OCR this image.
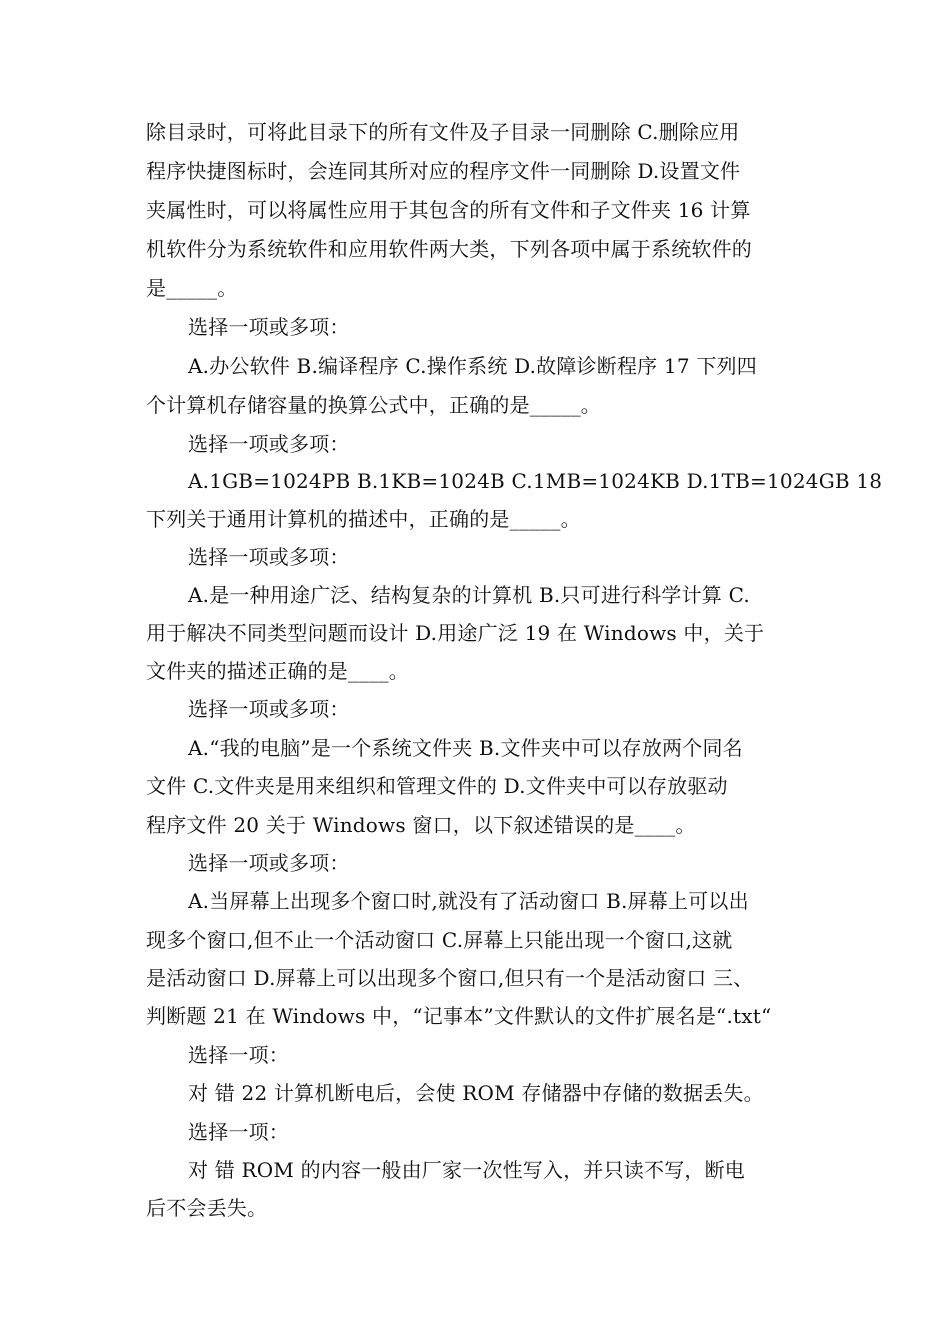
除目录时，可将此目录下的所有文件及子目录一同删除 C.删除应用
程序快捷图标时，会连同其所对应的程序文件一同删除 D.设置文件
夹属性时，可以将属性应用于其包含的所有文件和子文件夹 16 计算
机软件分为系统软件和应用软件两大类，下列各项中属于系统软件的
是_____。
选择一项或多项：
A.办公软件 B.编译程序 C.操作系统 D.故障诊断程序 17 下列四
个计算机存储容量的换算公式中，正确的是_____。
选择一项或多项：
A.1GB=1024PB B.1KB=1024B C.1MB=1024KB D.1TB=1024GB 18
下列关于通用计算机的描述中，正确的是_____。
选择一项或多项：
A.是一种用途广泛、结构复杂的计算机 B.只可进行科学计算 C.
用于解决不同类型问题而设计 D.用途广泛 19 在 Windows 中，关于
文件夹的描述正确的是____。
选择一项或多项：
A.“我的电脑”是一个系统文件夹 B.文件夹中可以存放两个同名
文件 C.文件夹是用来组织和管理文件的 D.文件夹中可以存放驱动
程序文件 20 关于 Windows 窗口，以下叙述错误的是____。
选择一项或多项：
A.当屏幕上出现多个窗口时,就没有了活动窗口 B.屏幕上可以出
现多个窗口,但不止一个活动窗口 C.屏幕上只能出现一个窗口,这就
是活动窗口 D.屏幕上可以出现多个窗口,但只有一个是活动窗口 三、
判断题 21 在 Windows 中，“记事本”文件默认的文件扩展名是“.txt“
选择一项：
对 错 22 计算机断电后，会使 ROM 存储器中存储的数据丢失。
选择一项：
对 错 ROM 的内容一般由厂家一次性写入，并只读不写，断电
后不会丢失。
